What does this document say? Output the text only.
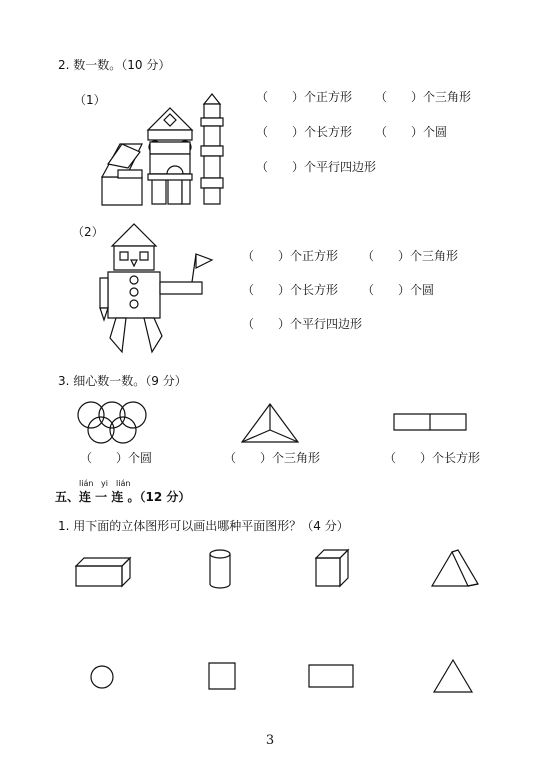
2. 数一数。（10 分）
（1）	（　　）个正方形 （　　）个三角形
（　　）个长方形 （　　）个圆
（　　）个平行四边形
（2）
（　　）个正方形 （　　）个三角形
（　　）个长方形 （　　）个圆
（　　）个平行四边形
3. 细心数一数。（9 分）
（　　）个圆	（　　）个三角形	（　　）个长方形
lián yi lián
五、连 一 连 。（12 分）
1. 用下面的立体图形可以画出哪种平面图形？（4 分）
3
